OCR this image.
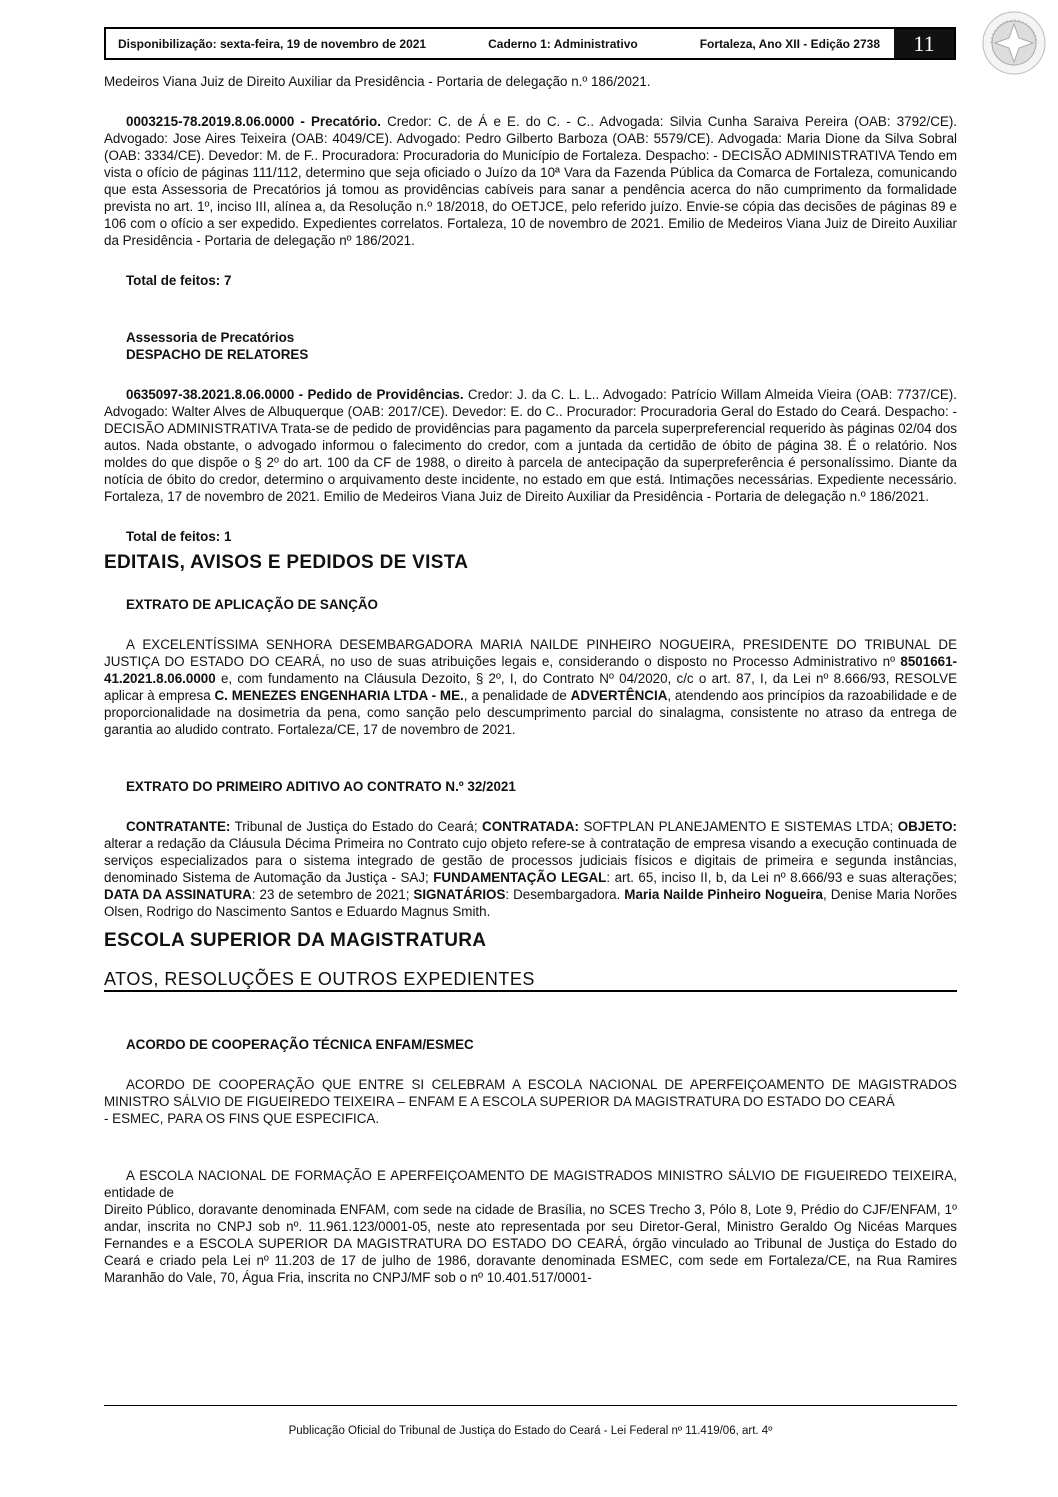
Disponibilização: sexta-feira, 19 de novembro de 2021	Caderno 1: Administrativo	Fortaleza, Ano XII - Edição 2738	11

Medeiros Viana Juiz de Direito Auxiliar da Presidência - Portaria de delegação n.º 186/2021.

0003215-78.2019.8.06.0000 - Precatório. Credor: C. de Á e E. do C. - C.. Advogada: Silvia Cunha Saraiva Pereira (OAB: 3792/CE). Advogado: Jose Aires Teixeira (OAB: 4049/CE). Advogado: Pedro Gilberto Barboza (OAB: 5579/CE). Advogada: Maria Dione da Silva Sobral (OAB: 3334/CE). Devedor: M. de F.. Procuradora: Procuradoria do Município de Fortaleza. Despacho: - DECISÃO ADMINISTRATIVA Tendo em vista o ofício de páginas 111/112, determino que seja oficiado o Juízo da 10ª Vara da Fazenda Pública da Comarca de Fortaleza, comunicando que esta Assessoria de Precatórios já tomou as providências cabíveis para sanar a pendência acerca do não cumprimento da formalidade prevista no art. 1º, inciso III, alínea a, da Resolução n.º 18/2018, do OETJCE, pelo referido juízo. Envie-se cópia das decisões de páginas 89 e 106 com o ofício a ser expedido. Expedientes correlatos. Fortaleza, 10 de novembro de 2021. Emilio de Medeiros Viana Juiz de Direito Auxiliar da Presidência - Portaria de delegação nº 186/2021.

Total de feitos: 7

Assessoria de Precatórios

DESPACHO DE RELATORES

0635097-38.2021.8.06.0000 - Pedido de Providências. Credor: J. da C. L. L.. Advogado: Patrício Willam Almeida Vieira (OAB: 7737/CE). Advogado: Walter Alves de Albuquerque (OAB: 2017/CE). Devedor: E. do C.. Procurador: Procuradoria Geral do Estado do Ceará. Despacho: - DECISÃO ADMINISTRATIVA Trata-se de pedido de providências para pagamento da parcela superpreferencial requerido às páginas 02/04 dos autos. Nada obstante, o advogado informou o falecimento do credor, com a juntada da certidão de óbito de página 38. É o relatório. Nos moldes do que dispõe o § 2º do art. 100 da CF de 1988, o direito à parcela de antecipação da superpreferência é personalíssimo. Diante da notícia de óbito do credor, determino o arquivamento deste incidente, no estado em que está. Intimações necessárias. Expediente necessário. Fortaleza, 17 de novembro de 2021. Emilio de Medeiros Viana Juiz de Direito Auxiliar da Presidência - Portaria de delegação n.º 186/2021.

Total de feitos: 1

EDITAIS, AVISOS E PEDIDOS DE VISTA

EXTRATO DE APLICAÇÃO DE SANÇÃO

A EXCELENTÍSSIMA SENHORA DESEMBARGADORA MARIA NAILDE PINHEIRO NOGUEIRA, PRESIDENTE DO TRIBUNAL DE JUSTIÇA DO ESTADO DO CEARÁ, no uso de suas atribuições legais e, considerando o disposto no Processo Administrativo nº 8501661-41.2021.8.06.0000 e, com fundamento na Cláusula Dezoito, § 2º, I, do Contrato Nº 04/2020, c/c o art. 87, I, da Lei nº 8.666/93, RESOLVE aplicar à empresa C. MENEZES ENGENHARIA LTDA - ME., a penalidade de ADVERTÊNCIA, atendendo aos princípios da razoabilidade e de proporcionalidade na dosimetria da pena, como sanção pelo descumprimento parcial do sinalagma, consistente no atraso da entrega de garantia ao aludido contrato. Fortaleza/CE, 17 de novembro de 2021.

EXTRATO DO PRIMEIRO ADITIVO AO CONTRATO N.º 32/2021

CONTRATANTE: Tribunal de Justiça do Estado do Ceará; CONTRATADA: SOFTPLAN PLANEJAMENTO E SISTEMAS LTDA; OBJETO: alterar a redação da Cláusula Décima Primeira no Contrato cujo objeto refere-se à contratação de empresa visando a execução continuada de serviços especializados para o sistema integrado de gestão de processos judiciais físicos e digitais de primeira e segunda instâncias, denominado Sistema de Automação da Justiça - SAJ; FUNDAMENTAÇÃO LEGAL: art. 65, inciso II, b, da Lei nº 8.666/93 e suas alterações; DATA DA ASSINATURA: 23 de setembro de 2021; SIGNATÁRIOS: Desembargadora. Maria Nailde Pinheiro Nogueira, Denise Maria Norões Olsen, Rodrigo do Nascimento Santos e Eduardo Magnus Smith.

ESCOLA SUPERIOR DA MAGISTRATURA
ATOS, RESOLUÇÕES E OUTROS EXPEDIENTES

ACORDO DE COOPERAÇÃO TÉCNICA ENFAM/ESMEC

ACORDO DE COOPERAÇÃO QUE ENTRE SI CELEBRAM A ESCOLA NACIONAL DE APERFEIÇOAMENTO DE MAGISTRADOS MINISTRO SÁLVIO DE FIGUEIREDO TEIXEIRA – ENFAM E A ESCOLA SUPERIOR DA MAGISTRATURA DO ESTADO DO CEARÁ

- ESMEC, PARA OS FINS QUE ESPECIFICA.

A ESCOLA NACIONAL DE FORMAÇÃO E APERFEIÇOAMENTO DE MAGISTRADOS MINISTRO SÁLVIO DE FIGUEIREDO TEIXEIRA, entidade de

Direito Público, doravante denominada ENFAM, com sede na cidade de Brasília, no SCES Trecho 3, Pólo 8, Lote 9, Prédio do CJF/ENFAM, 1º andar, inscrita no CNPJ sob nº. 11.961.123/0001-05, neste ato representada por seu Diretor-Geral, Ministro Geraldo Og Nicéas Marques Fernandes e a ESCOLA SUPERIOR DA MAGISTRATURA DO ESTADO DO CEARÁ, órgão vinculado ao Tribunal de Justiça do Estado do Ceará e criado pela Lei nº 11.203 de 17 de julho de 1986, doravante denominada ESMEC, com sede em Fortaleza/CE, na Rua Ramires Maranhão do Vale, 70, Água Fria, inscrita no CNPJ/MF sob o nº 10.401.517/0001-

Publicação Oficial do Tribunal de Justiça do Estado do Ceará - Lei Federal nº 11.419/06, art. 4º
